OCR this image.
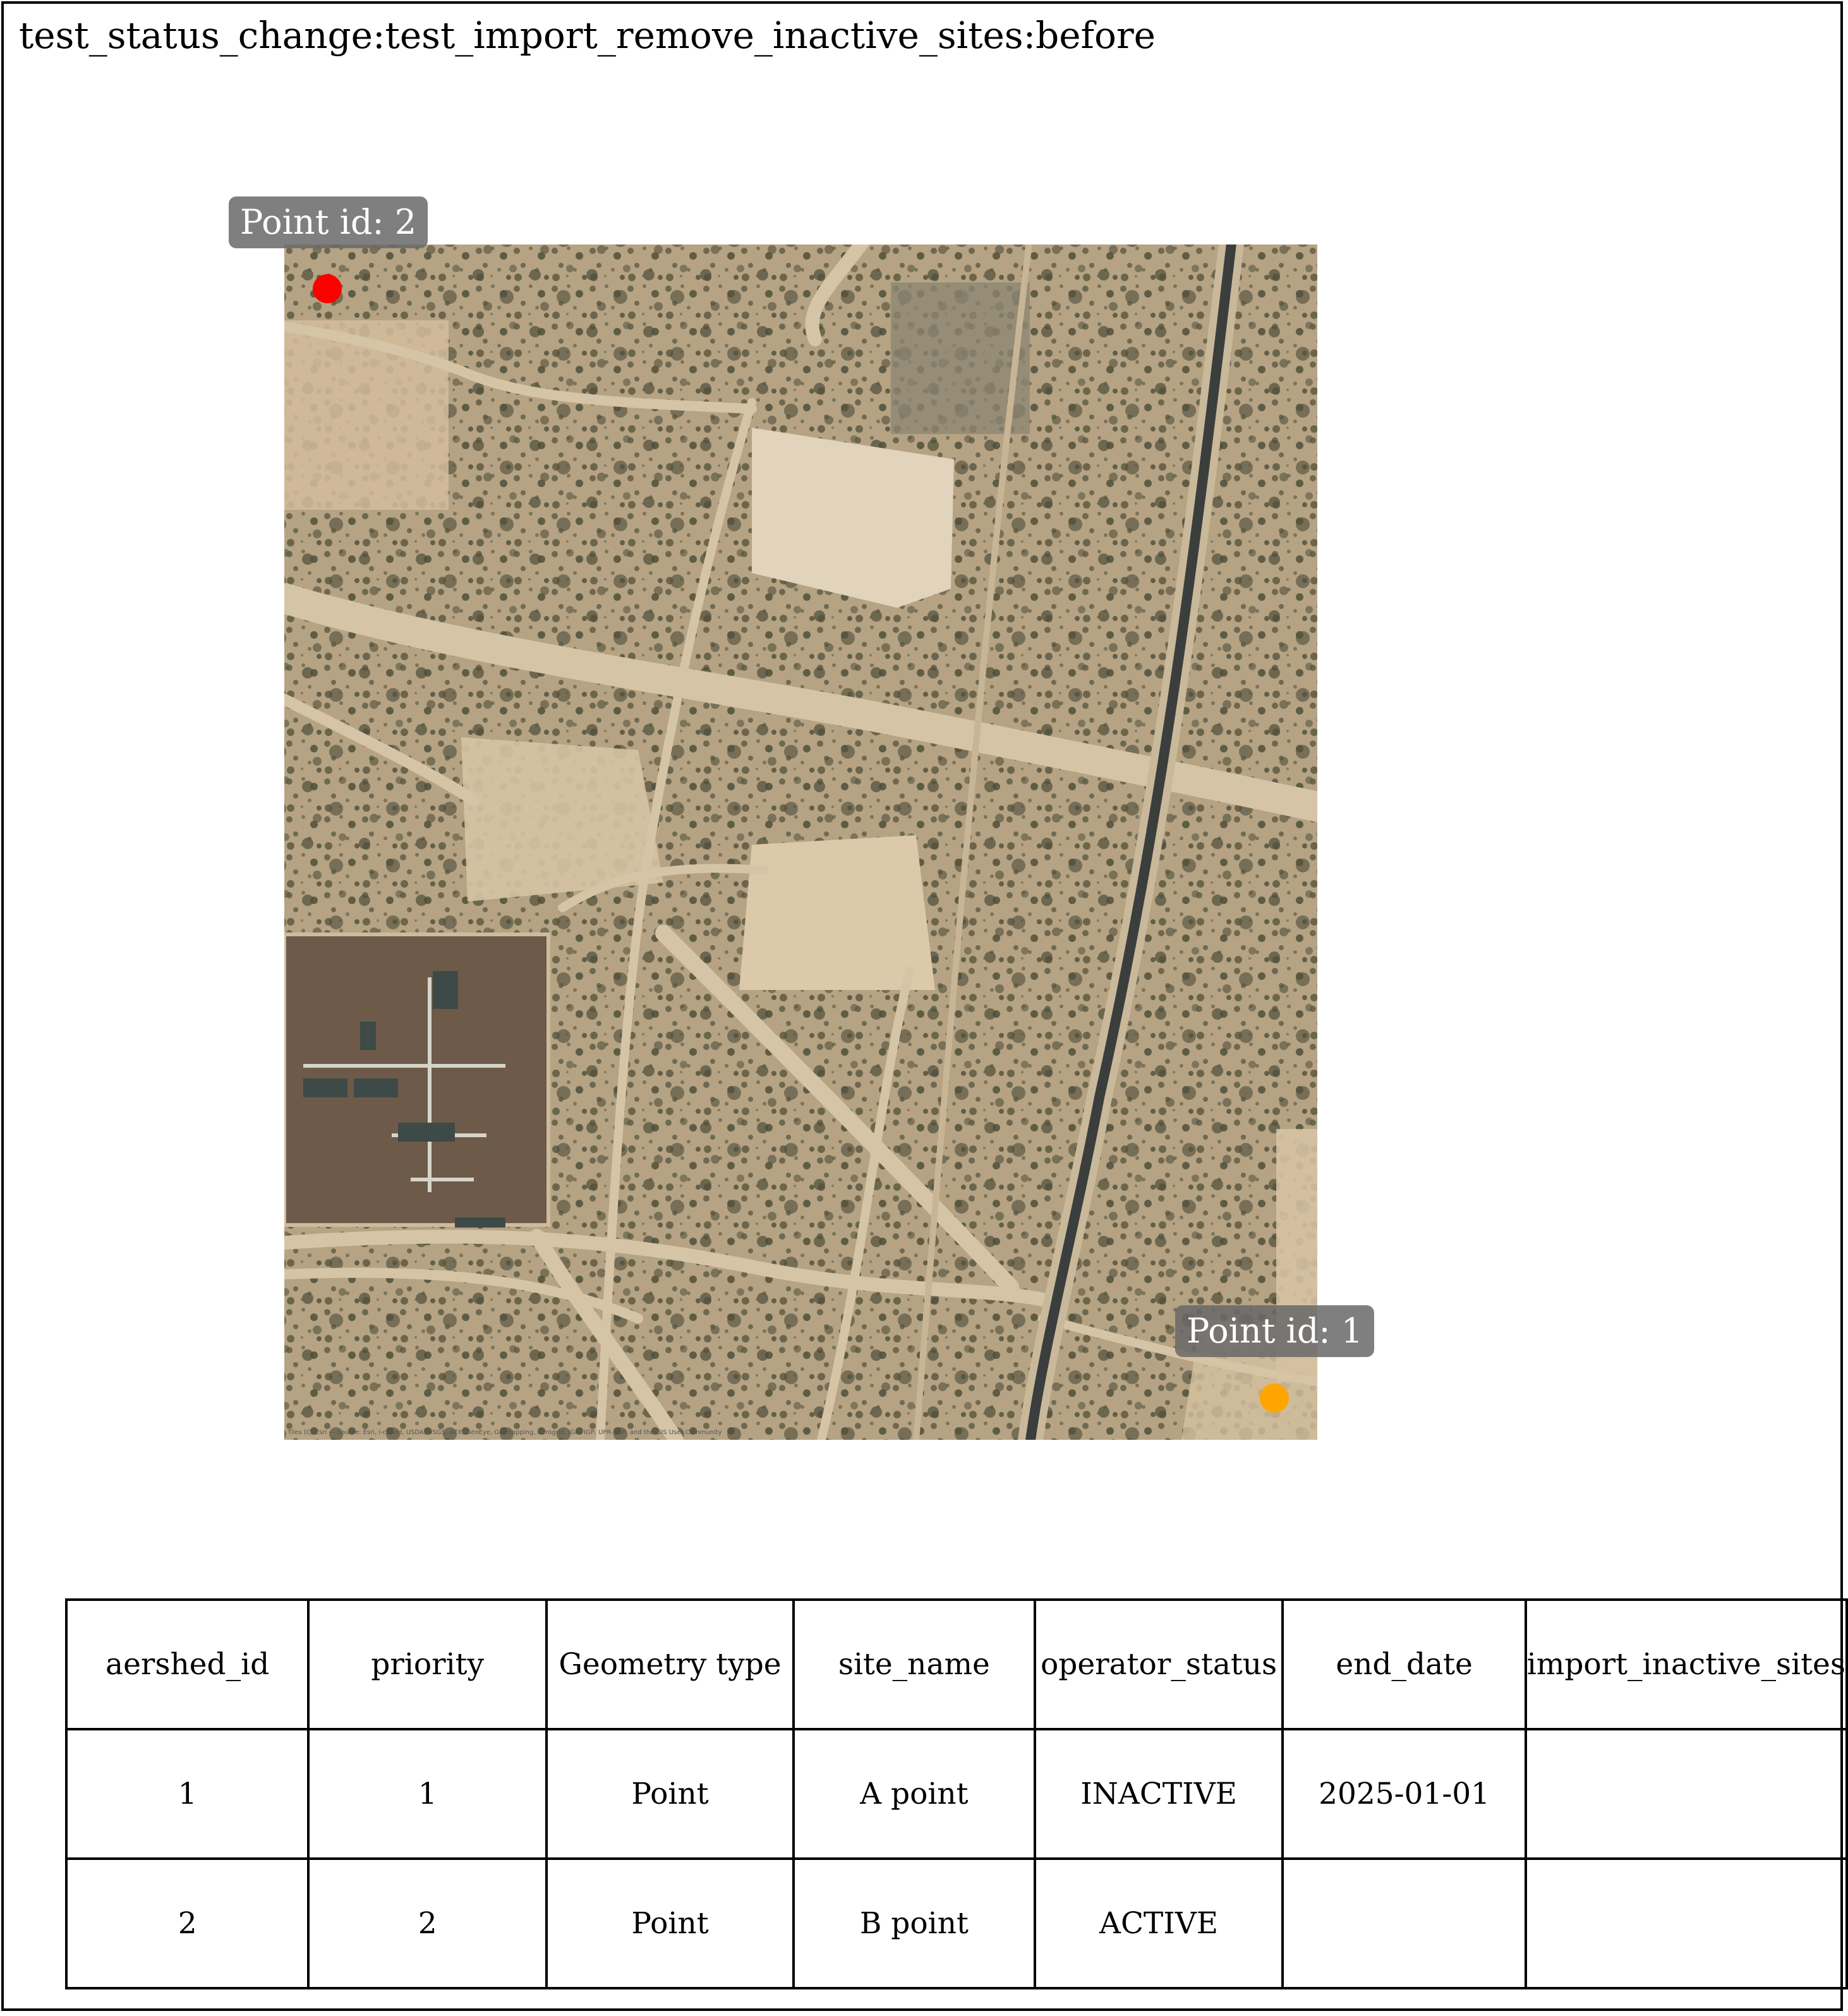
test_status_change:test_import_remove_inactive_sites:before
Point id: 2
Point id: 1
Tiles (C) Esri — Source: Esri, i-cubed, USDA, USGS, AEX, GeoEye, Getmapping, Aerogrid, IGN, IGP, UPR-EGP, and the GIS User Community
aershed_id	priority	Geometry type	site_name	operator_status	end_date	import_inactive_sites
1	1	Point	A point	INACTIVE	2025-01-01	
2	2	Point	B point	ACTIVE		
